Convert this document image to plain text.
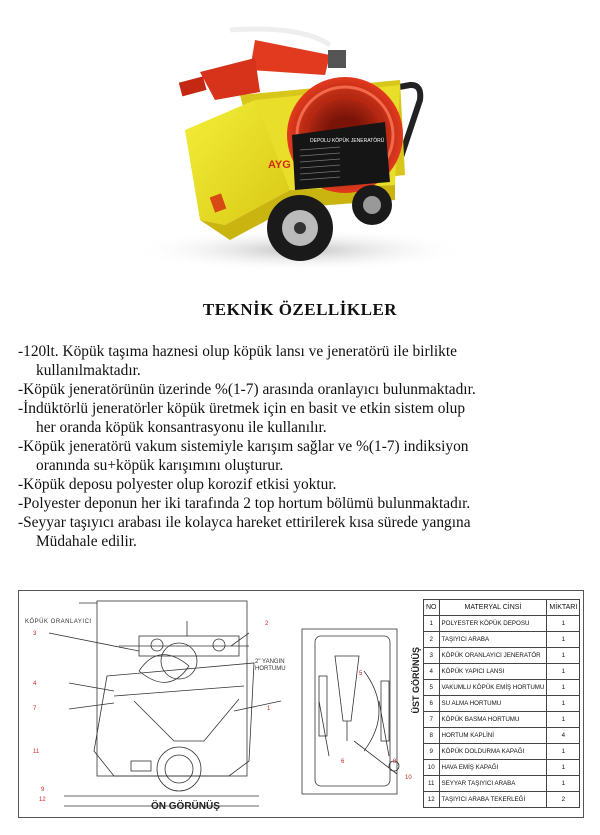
DEPOLU KÖPÜK JENERATÖRÜ
AYG
TEKNİK ÖZELLİKLER
-120lt. Köpük taşıma haznesi olup köpük lansı ve jeneratörü ile birlikte
kullanılmaktadır.
-Köpük jeneratörünün üzerinde %(1-7) arasında oranlayıcı bulunmaktadır.
-İndüktörlü jeneratörler köpük üretmek için en basit ve etkin sistem olup
her oranda köpük konsantrasyonu ile kullanılır.
-Köpük jeneratörü vakum sistemiyle karışım sağlar ve %(1-7) indiksiyon
oranında su+köpük karışımını oluşturur.
-Köpük deposu polyester olup korozif etkisi yoktur.
-Polyester deponun her iki tarafında 2 top hortum bölümü bulunmaktadır.
-Seyyar taşıyıcı arabası ile kolayca hareket ettirilerek kısa sürede yangına
Müdahale edilir.
KÖPÜK ORANLAYICI
2" YANGIN
HORTUMU
ÖN GÖRÜNÜŞ
ÜST GÖRÜNÜŞ
1
2
3
4
5
6
7
8
9
10
11
12
NO	MATERYAL CİNSİ	MİKTARI
1	POLYESTER KÖPÜK DEPOSU	1
2	TAŞIYICI ARABA	1
3	KÖPÜK ORANLAYICI JENERATÖR	1
4	KÖPÜK YAPICI LANSI	1
5	VAKUMLU KÖPÜK EMİŞ HORTUMU	1
6	SU ALMA HORTUMU	1
7	KÖPÜK BASMA HORTUMU	1
8	HORTUM KAPLİNİ	4
9	KÖPÜK DOLDURMA KAPAĞI	1
10	HAVA EMİŞ KAPAĞI	1
11	SEYYAR TAŞIYICI ARABA	1
12	TAŞIYICI ARABA TEKERLEĞİ	2
